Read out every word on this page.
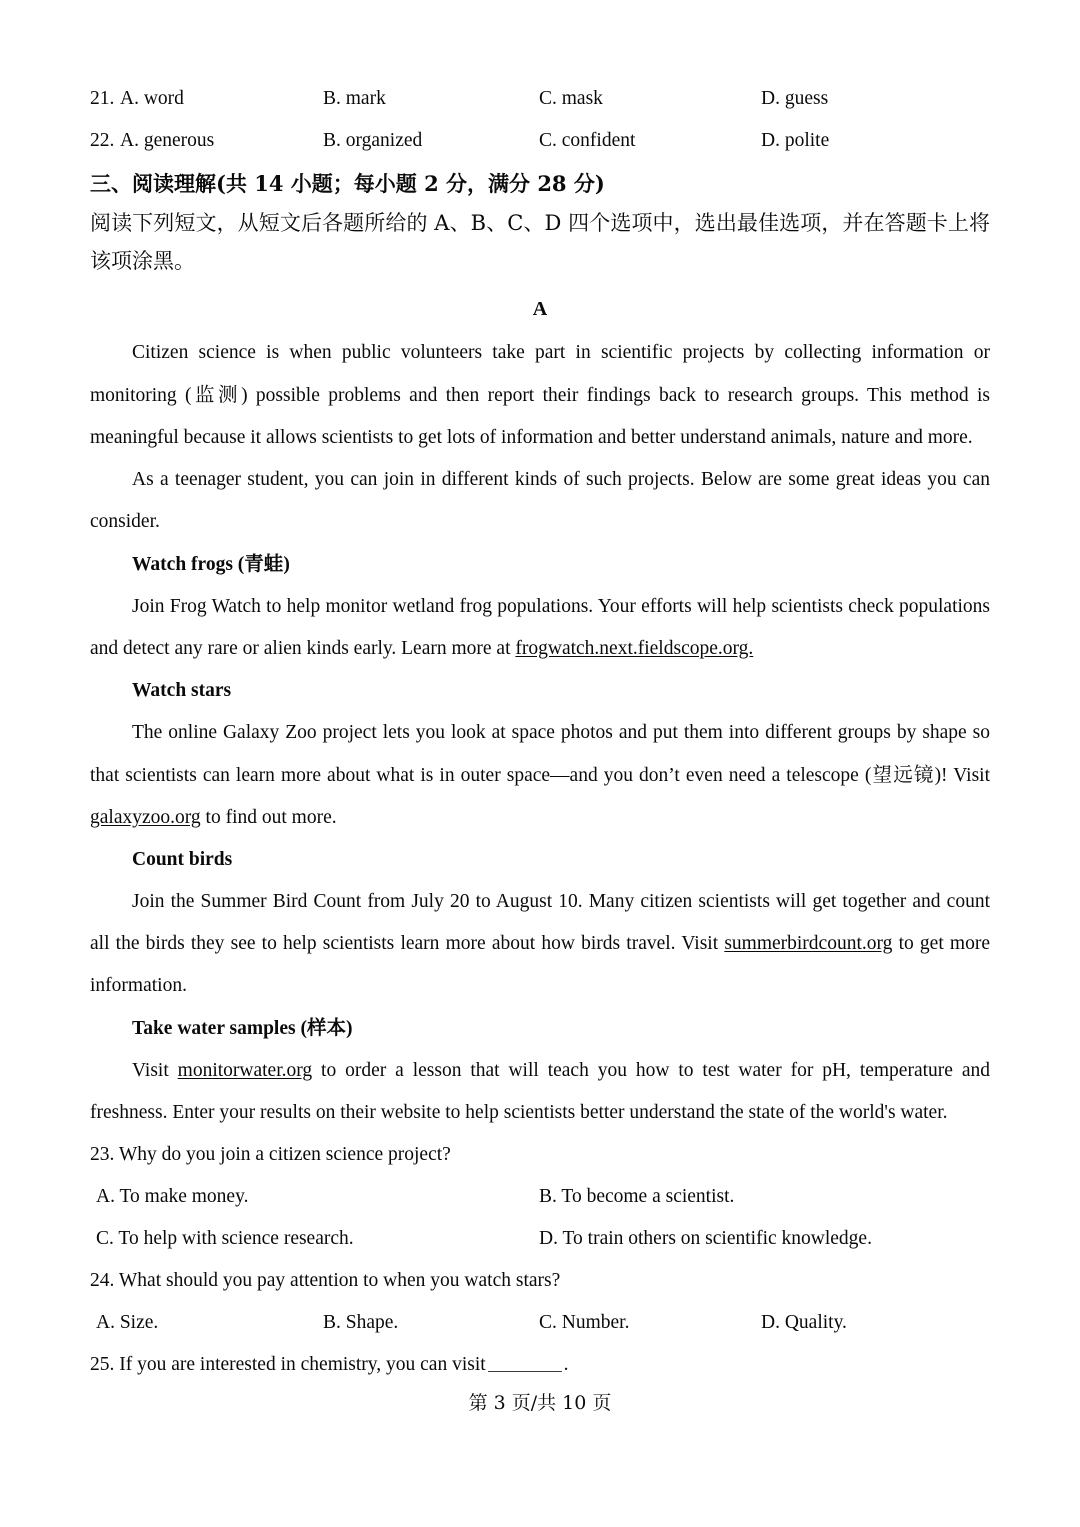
21. A. word	B. mark	C. mask	D. guess
22. A. generous	B. organized	C. confident	D. polite
三、阅读理解(共 14 小题；每小题 2 分，满分 28 分)

阅读下列短文，从短文后各题所给的 A、B、C、D 四个选项中，选出最佳选项，并在答题卡上将该项涂黑。

A

Citizen science is when public volunteers take part in scientific projects by collecting information or monitoring (监测) possible problems and then report their findings back to research groups. This method is meaningful because it allows scientists to get lots of information and better understand animals, nature and more.

As a teenager student, you can join in different kinds of such projects. Below are some great ideas you can consider.

Watch frogs (青蛙)

Join Frog Watch to help monitor wetland frog populations. Your efforts will help scientists check populations and detect any rare or alien kinds early. Learn more at frogwatch.next.fieldscope.org.

Watch stars

The online Galaxy Zoo project lets you look at space photos and put them into different groups by shape so that scientists can learn more about what is in outer space—and you don’t even need a telescope (望远镜)! Visit galaxyzoo.org to find out more.

Count birds

Join the Summer Bird Count from July 20 to August 10. Many citizen scientists will get together and count all the birds they see to help scientists learn more about how birds travel. Visit summerbirdcount.org to get more information.

Take water samples (样本)

Visit monitorwater.org to order a lesson that will teach you how to test water for pH, temperature and freshness. Enter your results on their website to help scientists better understand the state of the world's water.

23. Why do you join a citizen science project?
A. To make money.	B. To become a scientist.
C. To help with science research.	D. To train others on scientific knowledge.
24. What should you pay attention to when you watch stars?
A. Size.	B. Shape.	C. Number.	D. Quality.
25. If you are interested in chemistry, you can visit	.
第 3 页/共 10 页
